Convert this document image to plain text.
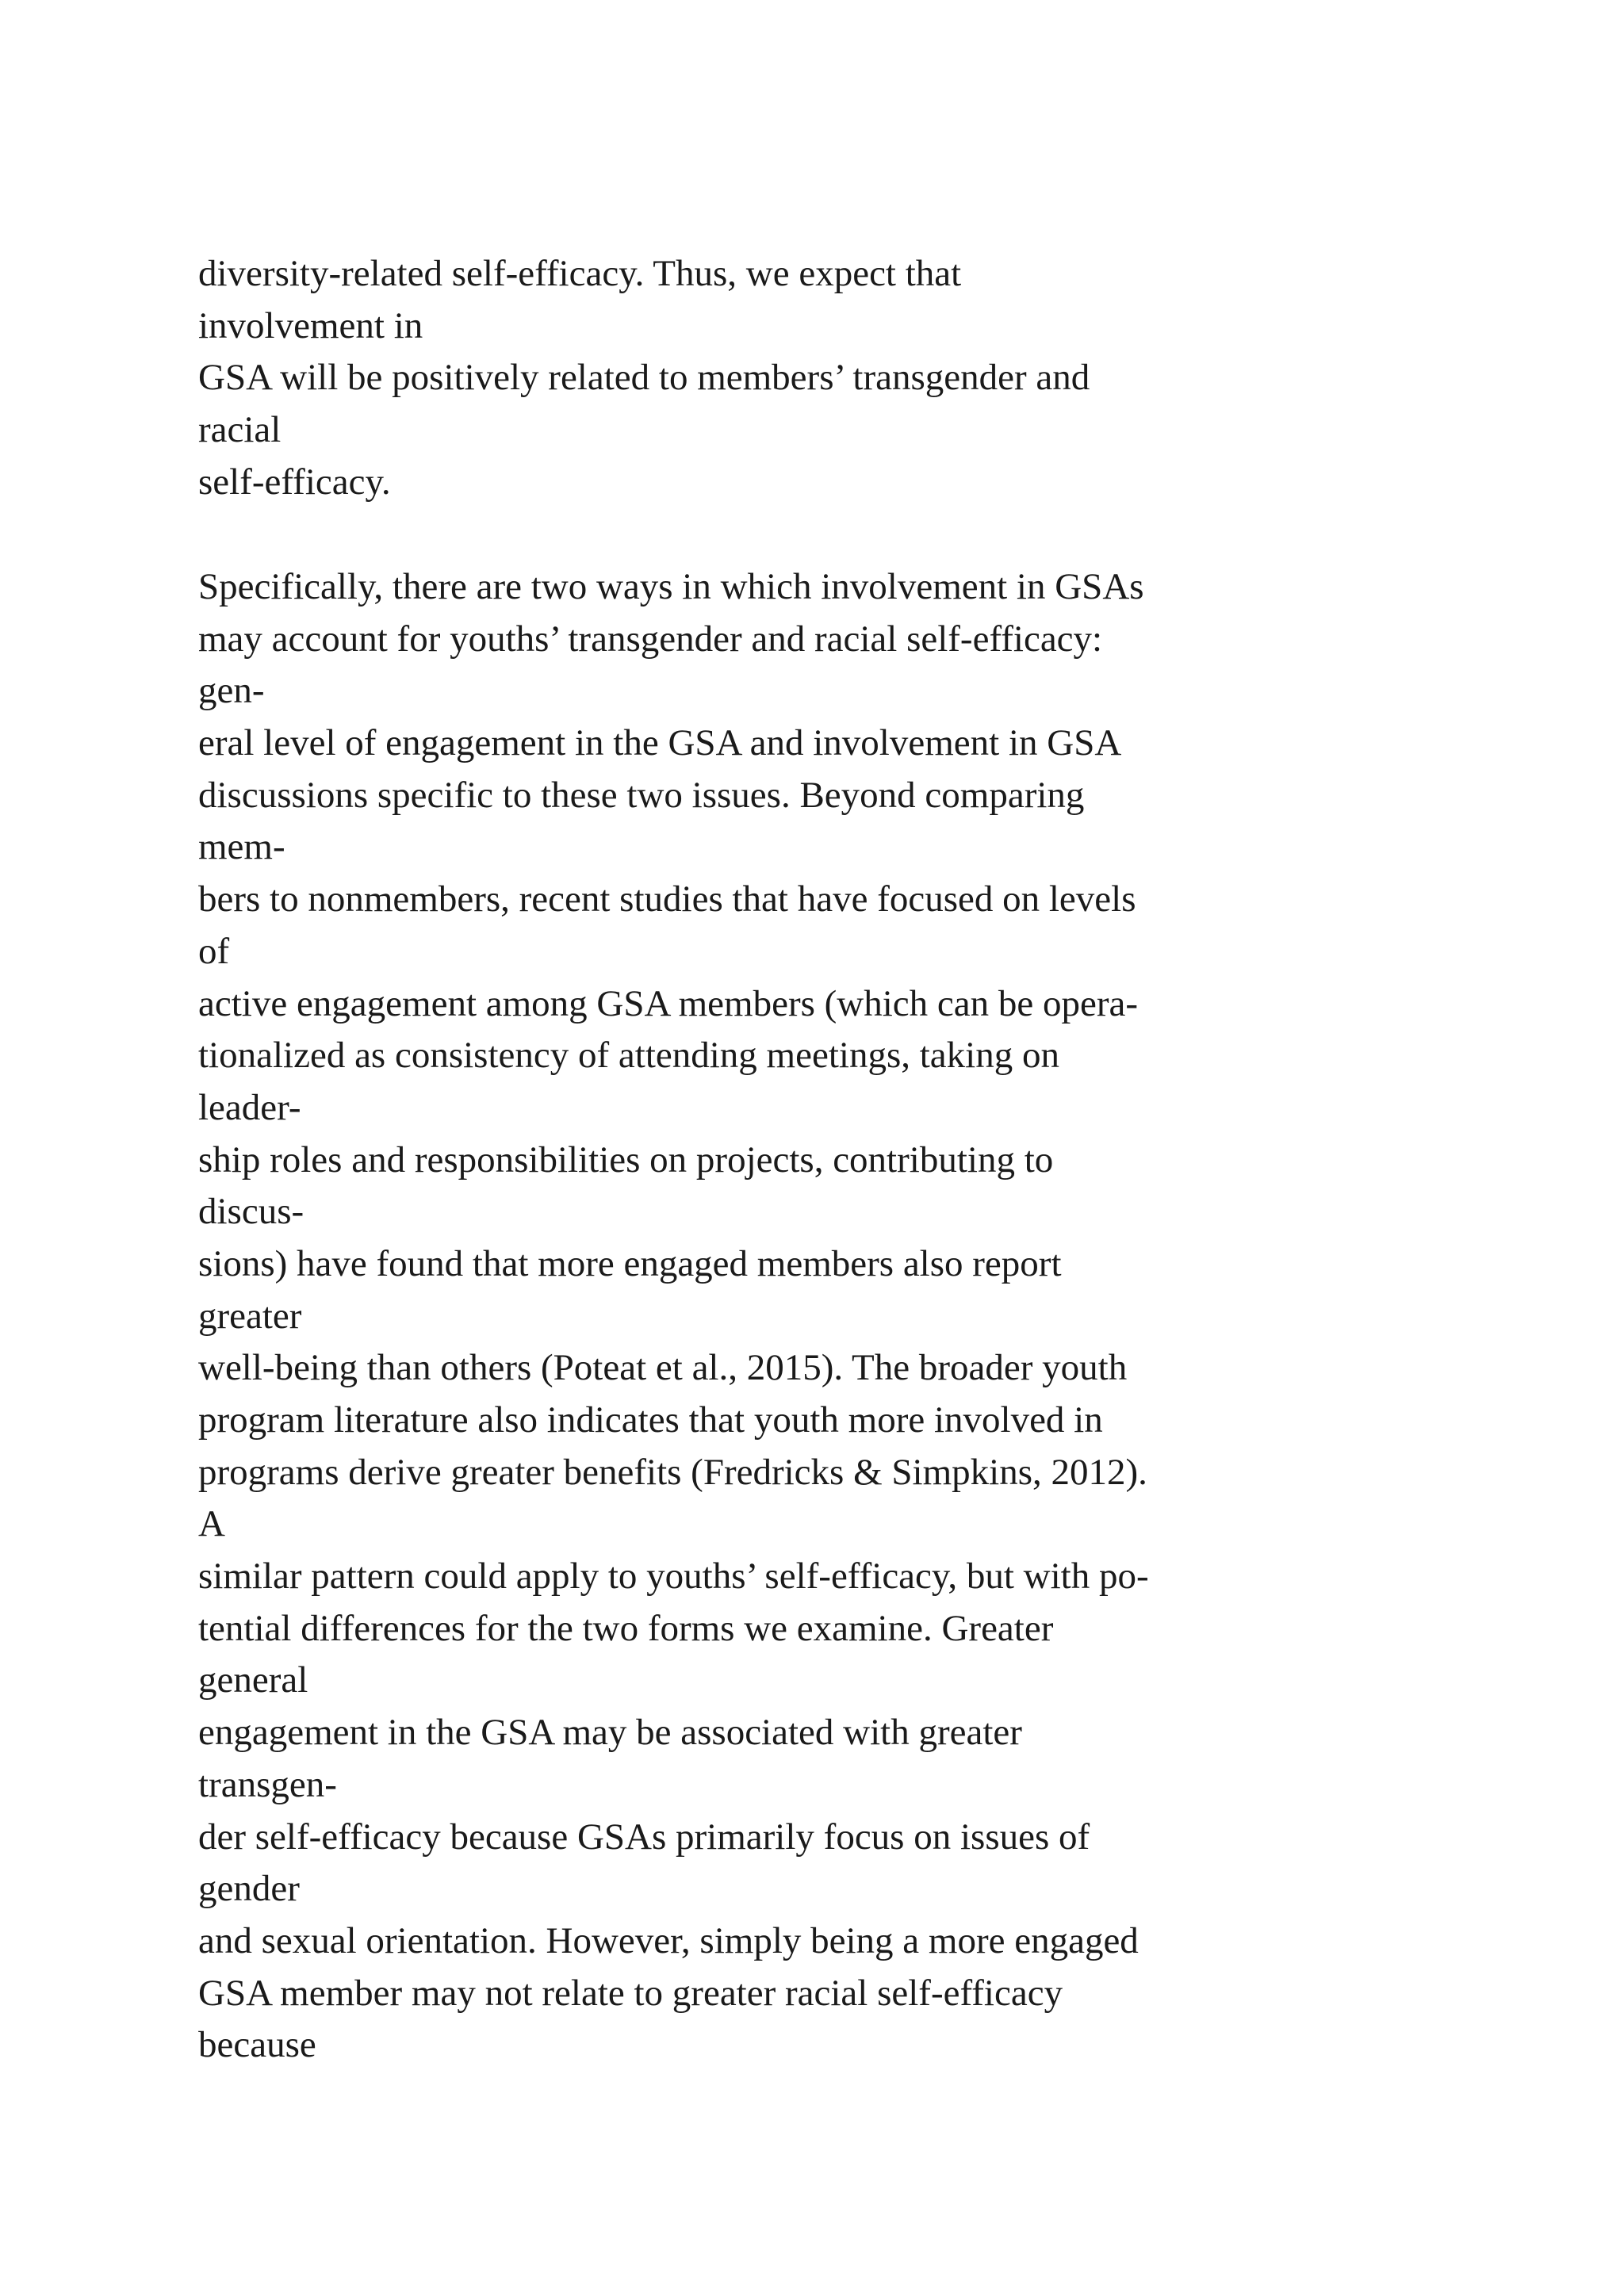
diversity-related self-efficacy. Thus, we expect that
involvement in
GSA will be positively related to members’ transgender and
racial
self-efficacy.
Specifically, there are two ways in which involvement in GSAs
may account for youths’ transgender and racial self-efficacy:
gen-
eral level of engagement in the GSA and involvement in GSA
discussions specific to these two issues. Beyond comparing
mem-
bers to nonmembers, recent studies that have focused on levels
of
active engagement among GSA members (which can be opera-
tionalized as consistency of attending meetings, taking on
leader-
ship roles and responsibilities on projects, contributing to
discus-
sions) have found that more engaged members also report
greater
well-being than others (Poteat et al., 2015). The broader youth
program literature also indicates that youth more involved in
programs derive greater benefits (Fredricks & Simpkins, 2012).
A
similar pattern could apply to youths’ self-efficacy, but with po-
tential differences for the two forms we examine. Greater
general
engagement in the GSA may be associated with greater
transgen-
der self-efficacy because GSAs primarily focus on issues of
gender
and sexual orientation. However, simply being a more engaged
GSA member may not relate to greater racial self-efficacy
because
